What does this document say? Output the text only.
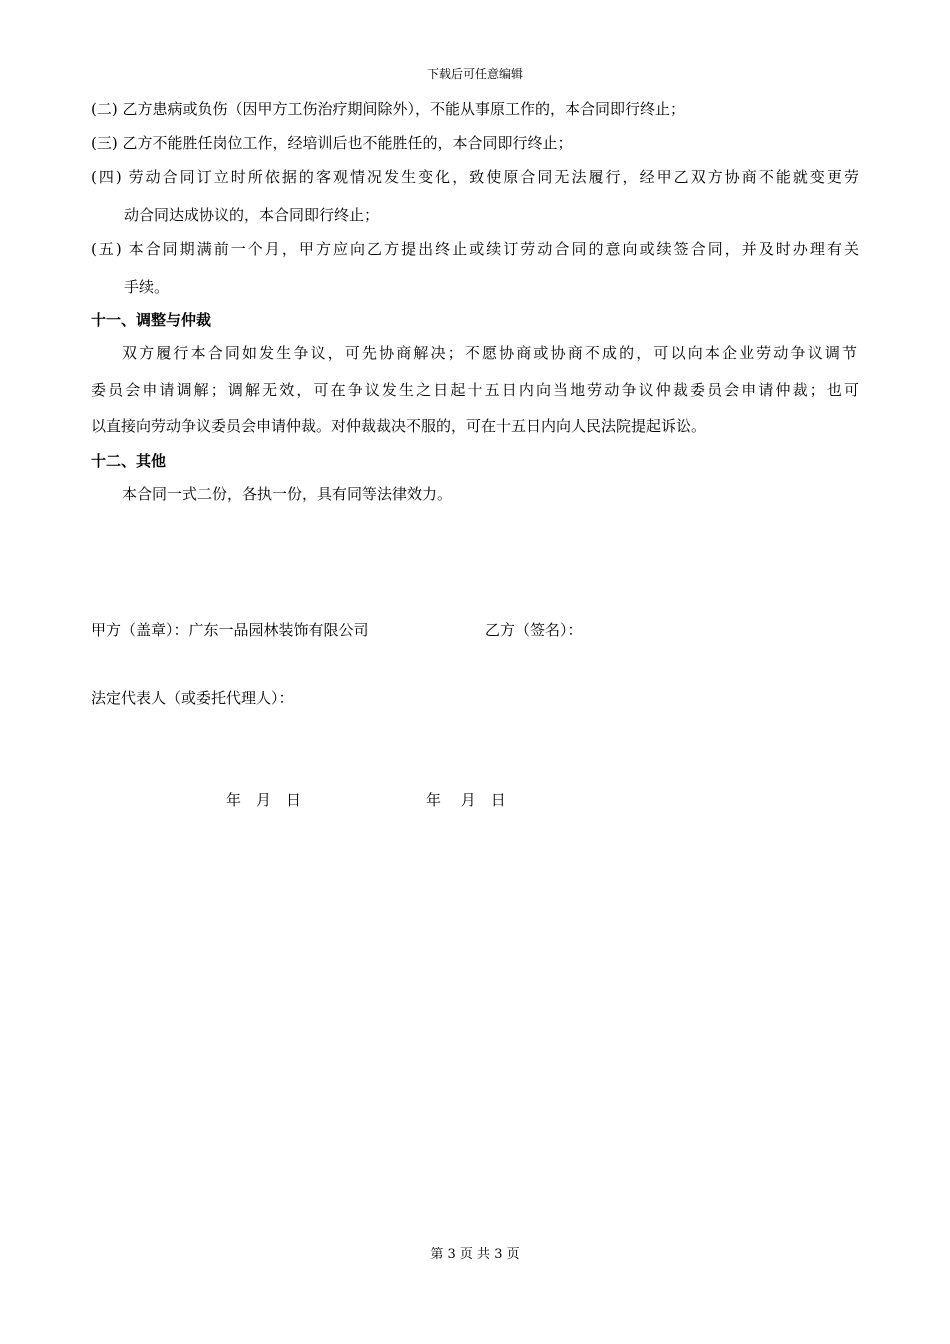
下载后可任意编辑
(二) 乙方患病或负伤（因甲方工伤治疗期间除外），不能从事原工作的，本合同即行终止；
(三) 乙方不能胜任岗位工作，经培训后也不能胜任的，本合同即行终止；
(四) 劳动合同订立时所依据的客观情况发生变化，致使原合同无法履行，经甲乙双方协商不能就变更劳
动合同达成协议的，本合同即行终止；
(五) 本合同期满前一个月，甲方应向乙方提出终止或续订劳动合同的意向或续签合同，并及时办理有关
手续。
十一、调整与仲裁
双方履行本合同如发生争议，可先协商解决；不愿协商或协商不成的，可以向本企业劳动争议调节
委员会申请调解；调解无效，可在争议发生之日起十五日内向当地劳动争议仲裁委员会申请仲裁；也可
以直接向劳动争议委员会申请仲裁。对仲裁裁决不服的，可在十五日内向人民法院提起诉讼。
十二、其他
本合同一式二份，各执一份，具有同等法律效力。
甲方（盖章）：广东一品园林装饰有限公司	乙方（签名）：
法定代表人（或委托代理人）：
年　月　日	年　 月　日
第 3 页 共 3 页
